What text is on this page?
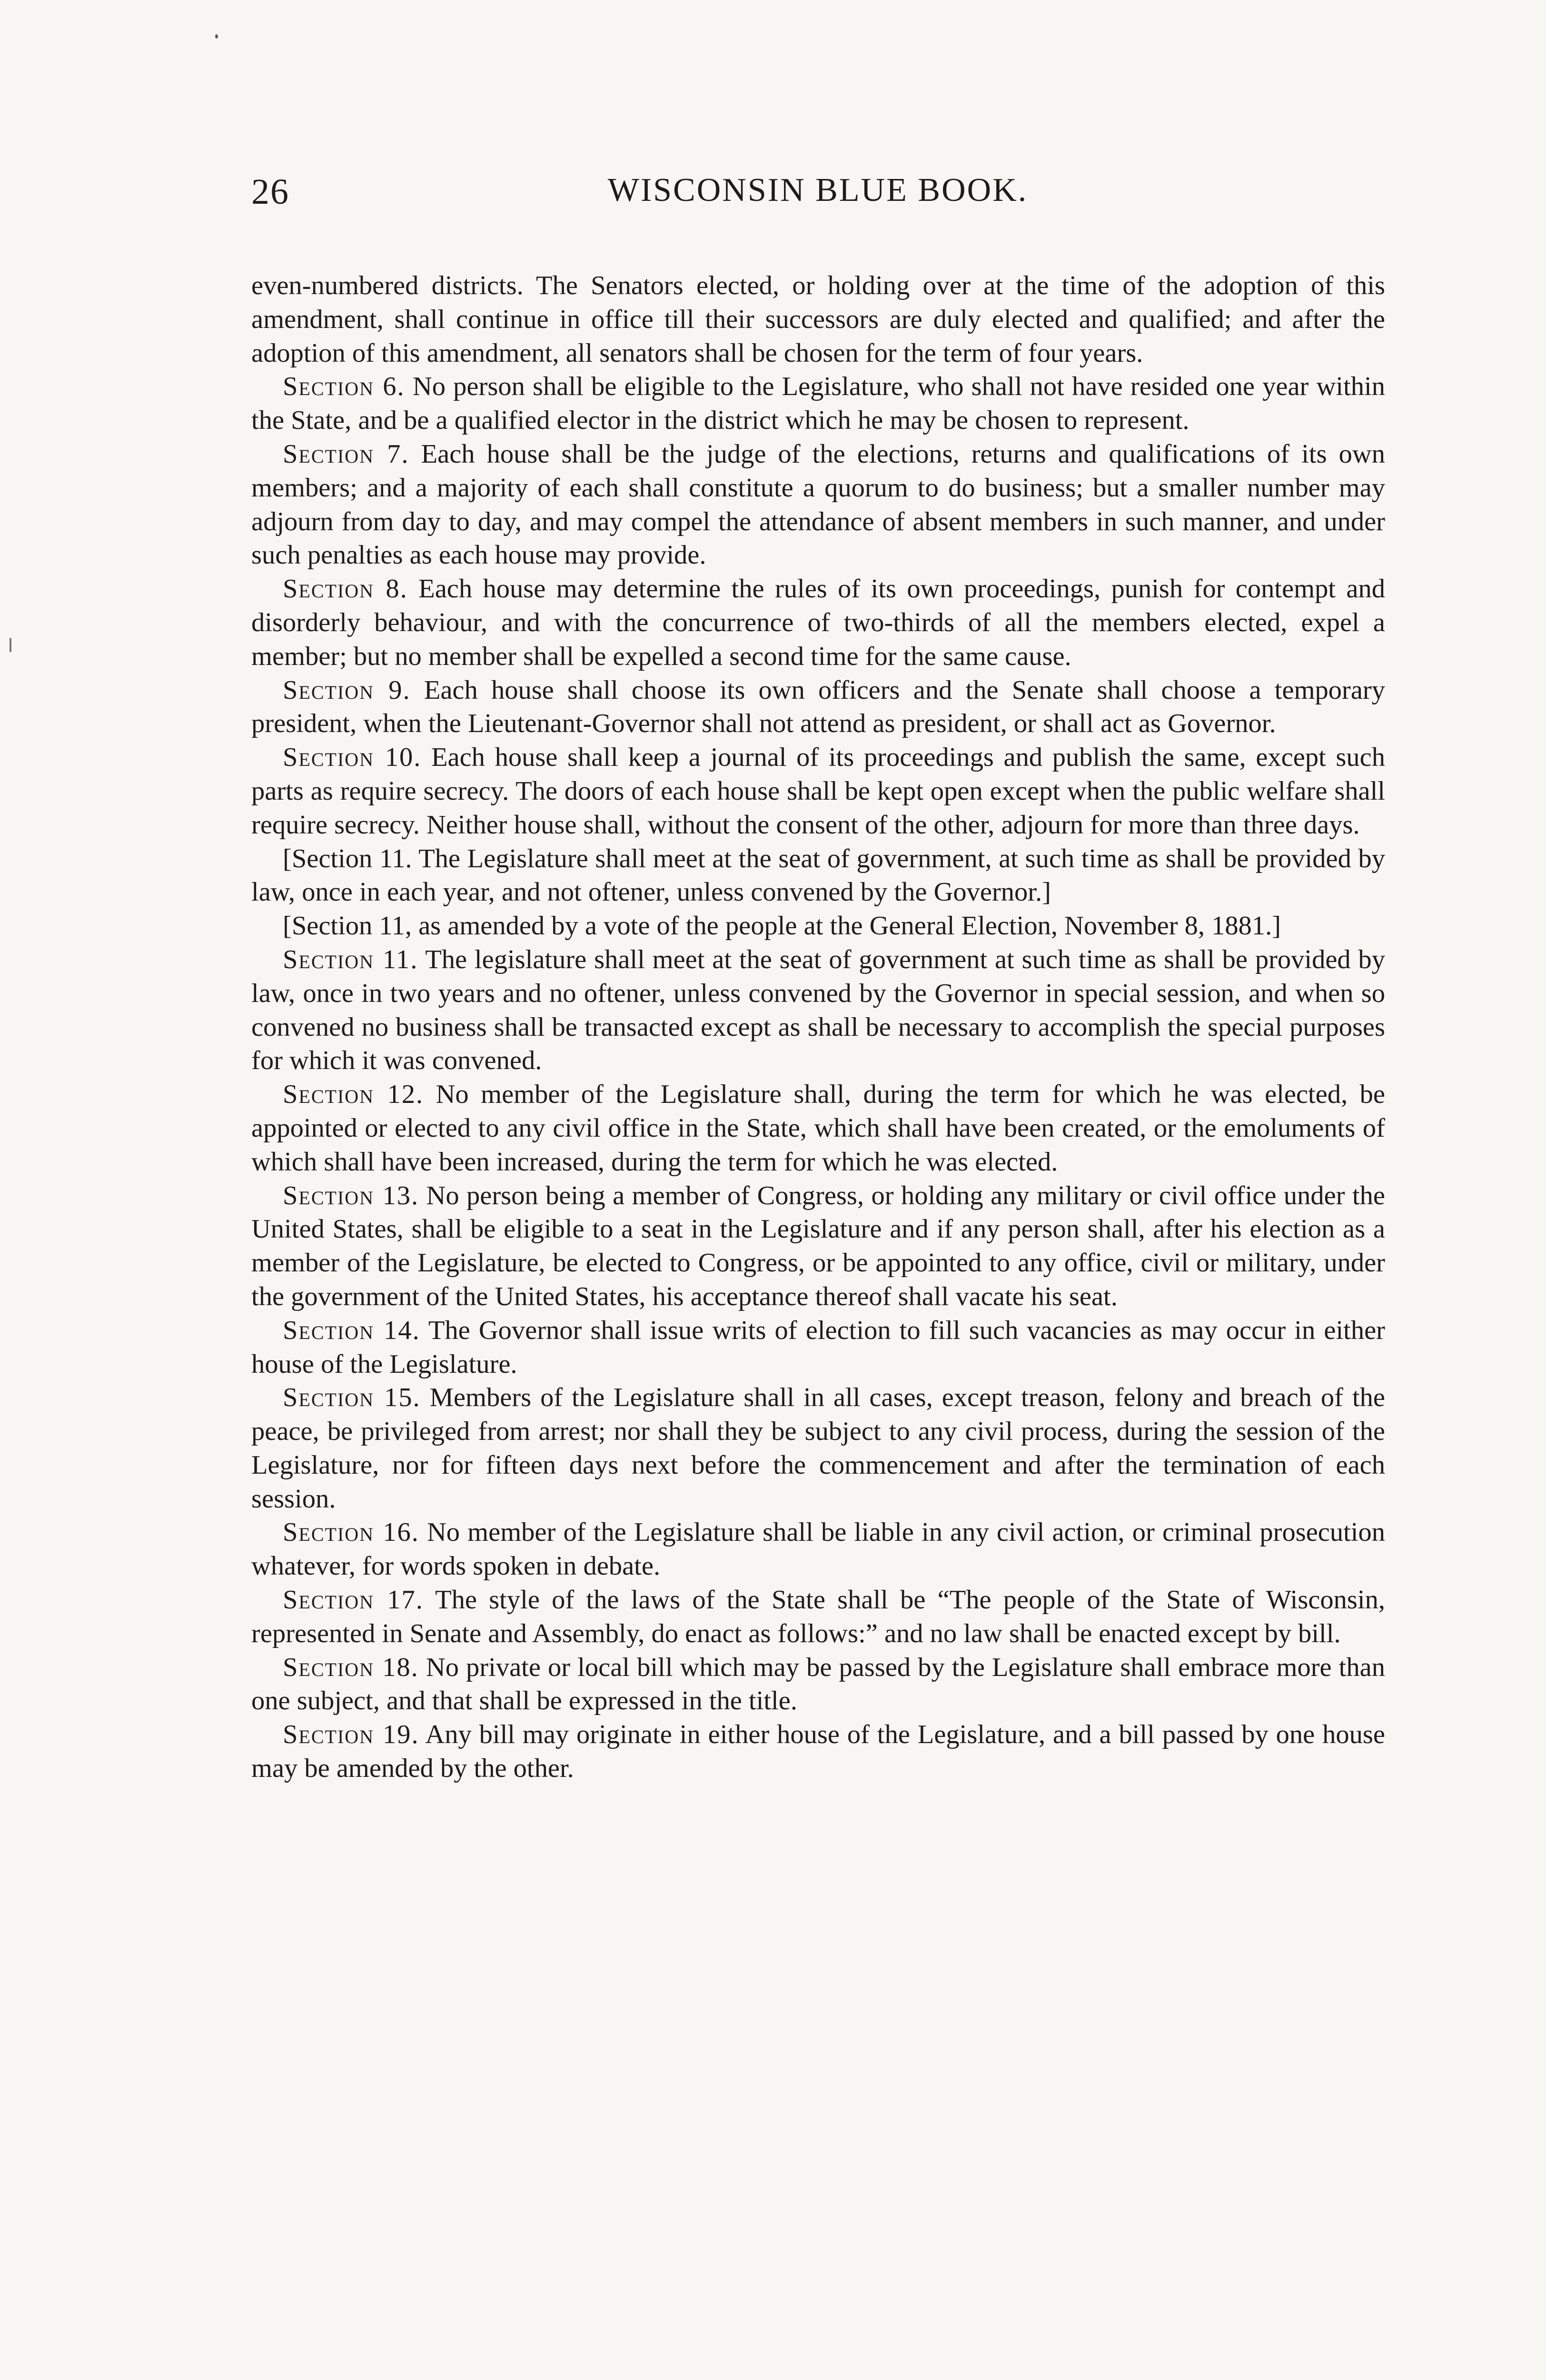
26	WISCONSIN BLUE BOOK.

even-numbered districts. The Senators elected, or holding over at the time of the adoption of this amendment, shall continue in office till their successors are duly elected and qualified; and after the adoption of this amendment, all senators shall be chosen for the term of four years.

Section 6. No person shall be eligible to the Legislature, who shall not have resided one year within the State, and be a qualified elector in the district which he may be chosen to represent.

Section 7. Each house shall be the judge of the elections, returns and qualifications of its own members; and a majority of each shall constitute a quorum to do business; but a smaller number may adjourn from day to day, and may compel the attendance of absent members in such manner, and under such penalties as each house may provide.

Section 8. Each house may determine the rules of its own proceedings, punish for contempt and disorderly behaviour, and with the concurrence of two-thirds of all the members elected, expel a member; but no member shall be expelled a second time for the same cause.

Section 9. Each house shall choose its own officers and the Senate shall choose a temporary president, when the Lieutenant-Governor shall not attend as president, or shall act as Governor.

Section 10. Each house shall keep a journal of its proceedings and publish the same, except such parts as require secrecy. The doors of each house shall be kept open except when the public welfare shall require secrecy. Neither house shall, without the consent of the other, adjourn for more than three days.

[Section 11. The Legislature shall meet at the seat of government, at such time as shall be provided by law, once in each year, and not oftener, unless convened by the Governor.]

[Section 11, as amended by a vote of the people at the General Election, November 8, 1881.]

Section 11. The legislature shall meet at the seat of government at such time as shall be provided by law, once in two years and no oftener, unless convened by the Governor in special session, and when so convened no business shall be transacted except as shall be necessary to accomplish the special purposes for which it was convened.

Section 12. No member of the Legislature shall, during the term for which he was elected, be appointed or elected to any civil office in the State, which shall have been created, or the emoluments of which shall have been increased, during the term for which he was elected.

Section 13. No person being a member of Congress, or holding any military or civil office under the United States, shall be eligible to a seat in the Legislature and if any person shall, after his election as a member of the Legislature, be elected to Congress, or be appointed to any office, civil or military, under the government of the United States, his acceptance thereof shall vacate his seat.

Section 14. The Governor shall issue writs of election to fill such vacancies as may occur in either house of the Legislature.

Section 15. Members of the Legislature shall in all cases, except treason, felony and breach of the peace, be privileged from arrest; nor shall they be subject to any civil process, during the session of the Legislature, nor for fifteen days next before the commencement and after the termination of each session.

Section 16. No member of the Legislature shall be liable in any civil action, or criminal prosecution whatever, for words spoken in debate.

Section 17. The style of the laws of the State shall be “The people of the State of Wisconsin, represented in Senate and Assembly, do enact as follows:” and no law shall be enacted except by bill.

Section 18. No private or local bill which may be passed by the Legislature shall embrace more than one subject, and that shall be expressed in the title.

Section 19. Any bill may originate in either house of the Legislature, and a bill passed by one house may be amended by the other.
